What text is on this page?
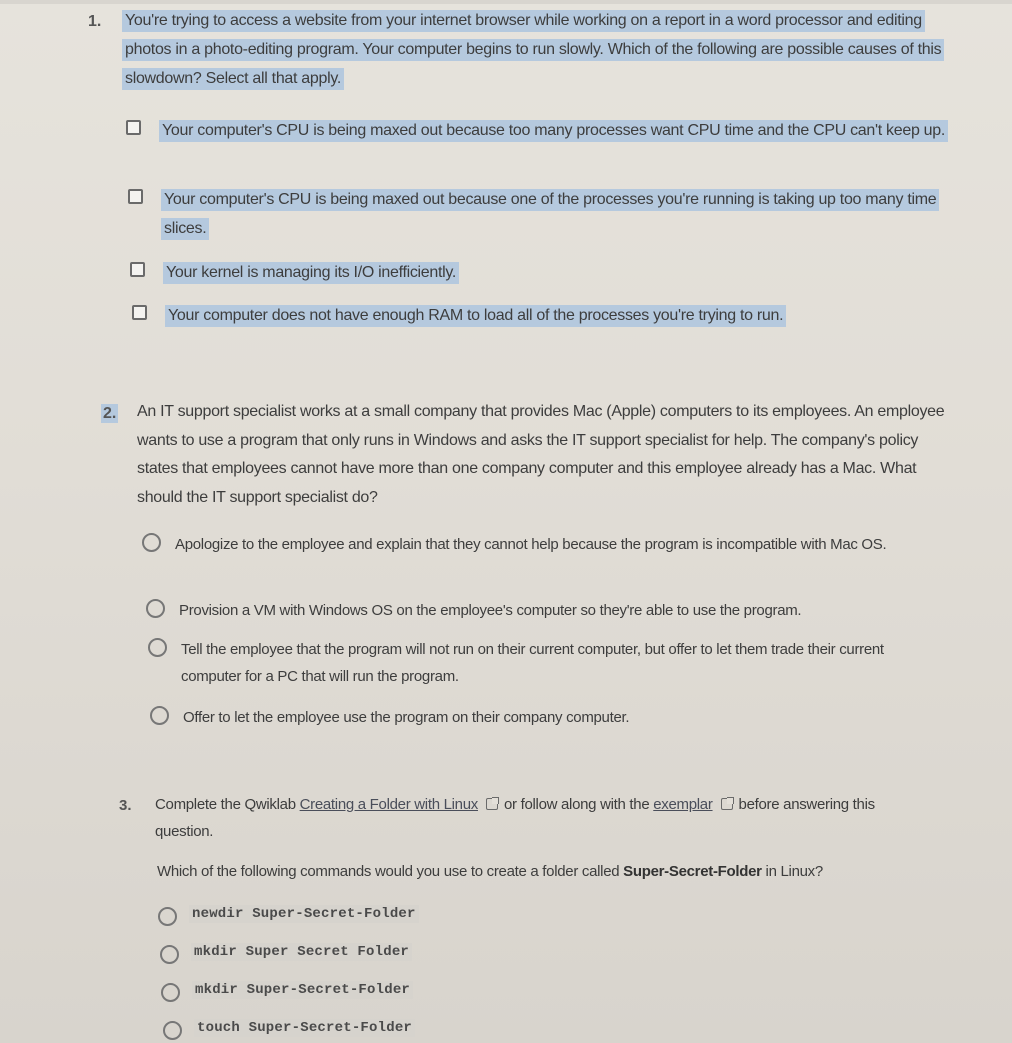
1. You're trying to access a website from your internet browser while working on a report in a word processor and editing photos in a photo-editing program. Your computer begins to run slowly. Which of the following are possible causes of this slowdown? Select all that apply.
Your computer's CPU is being maxed out because too many processes want CPU time and the CPU can't keep up.
Your computer's CPU is being maxed out because one of the processes you're running is taking up too many time slices.
Your kernel is managing its I/O inefficiently.
Your computer does not have enough RAM to load all of the processes you're trying to run.
2. An IT support specialist works at a small company that provides Mac (Apple) computers to its employees. An employee wants to use a program that only runs in Windows and asks the IT support specialist for help. The company's policy states that employees cannot have more than one company computer and this employee already has a Mac. What should the IT support specialist do?
Apologize to the employee and explain that they cannot help because the program is incompatible with Mac OS.
Provision a VM with Windows OS on the employee's computer so they're able to use the program.
Tell the employee that the program will not run on their current computer, but offer to let them trade their current computer for a PC that will run the program.
Offer to let the employee use the program on their company computer.
3. Complete the Qwiklab Creating a Folder with Linux or follow along with the exemplar before answering this question.
Which of the following commands would you use to create a folder called Super-Secret-Folder in Linux?
newdir Super-Secret-Folder
mkdir Super Secret Folder
mkdir Super-Secret-Folder
touch Super-Secret-Folder
